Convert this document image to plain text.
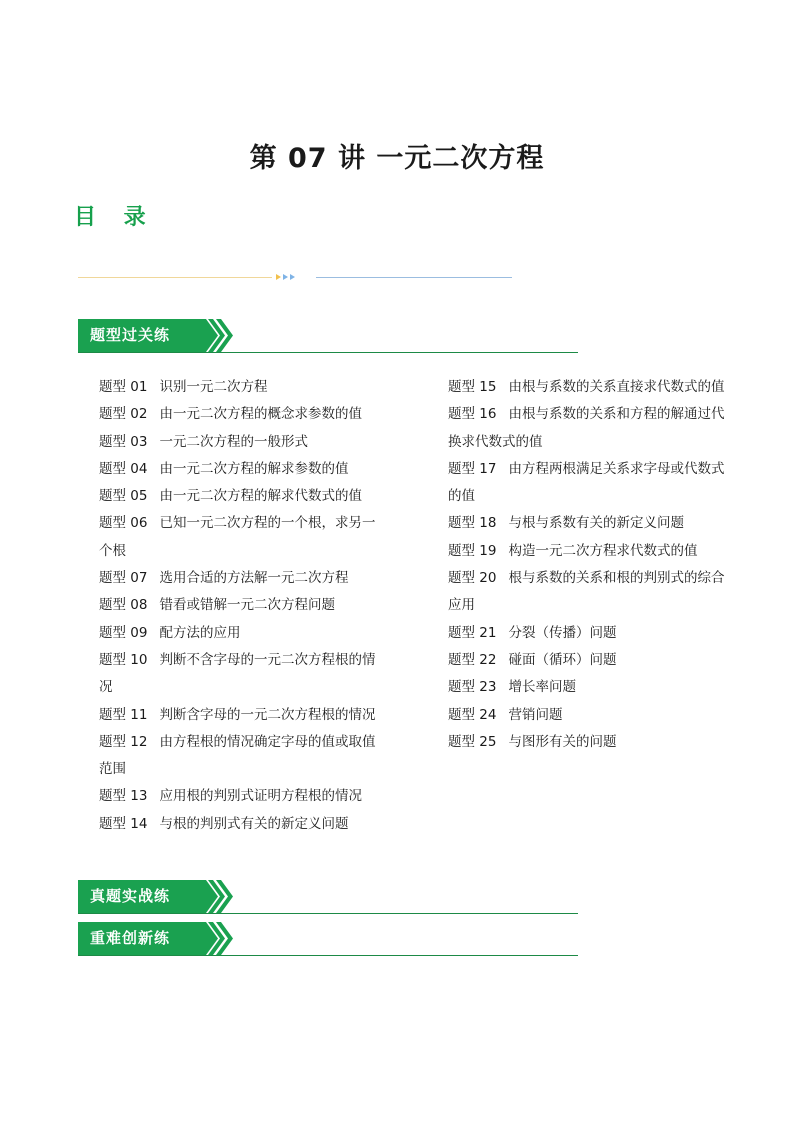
第 07 讲 一元二次方程
目 录
题型过关练
题型 01 识别一元二次方程
题型 02 由一元二次方程的概念求参数的值
题型 03 一元二次方程的一般形式
题型 04 由一元二次方程的解求参数的值
题型 05 由一元二次方程的解求代数式的值
题型 06 已知一元二次方程的一个根，求另一个根
题型 07 选用合适的方法解一元二次方程
题型 08 错看或错解一元二次方程问题
题型 09 配方法的应用
题型 10 判断不含字母的一元二次方程根的情况
题型 11 判断含字母的一元二次方程根的情况
题型 12 由方程根的情况确定字母的值或取值范围
题型 13 应用根的判别式证明方程根的情况
题型 14 与根的判别式有关的新定义问题
题型 15 由根与系数的关系直接求代数式的值
题型 16 由根与系数的关系和方程的解通过代换求代数式的值
题型 17 由方程两根满足关系求字母或代数式的值
题型 18 与根与系数有关的新定义问题
题型 19 构造一元二次方程求代数式的值
题型 20 根与系数的关系和根的判别式的综合应用
题型 21 分裂（传播）问题
题型 22 碰面（循环）问题
题型 23 增长率问题
题型 24 营销问题
题型 25 与图形有关的问题
真题实战练
重难创新练
